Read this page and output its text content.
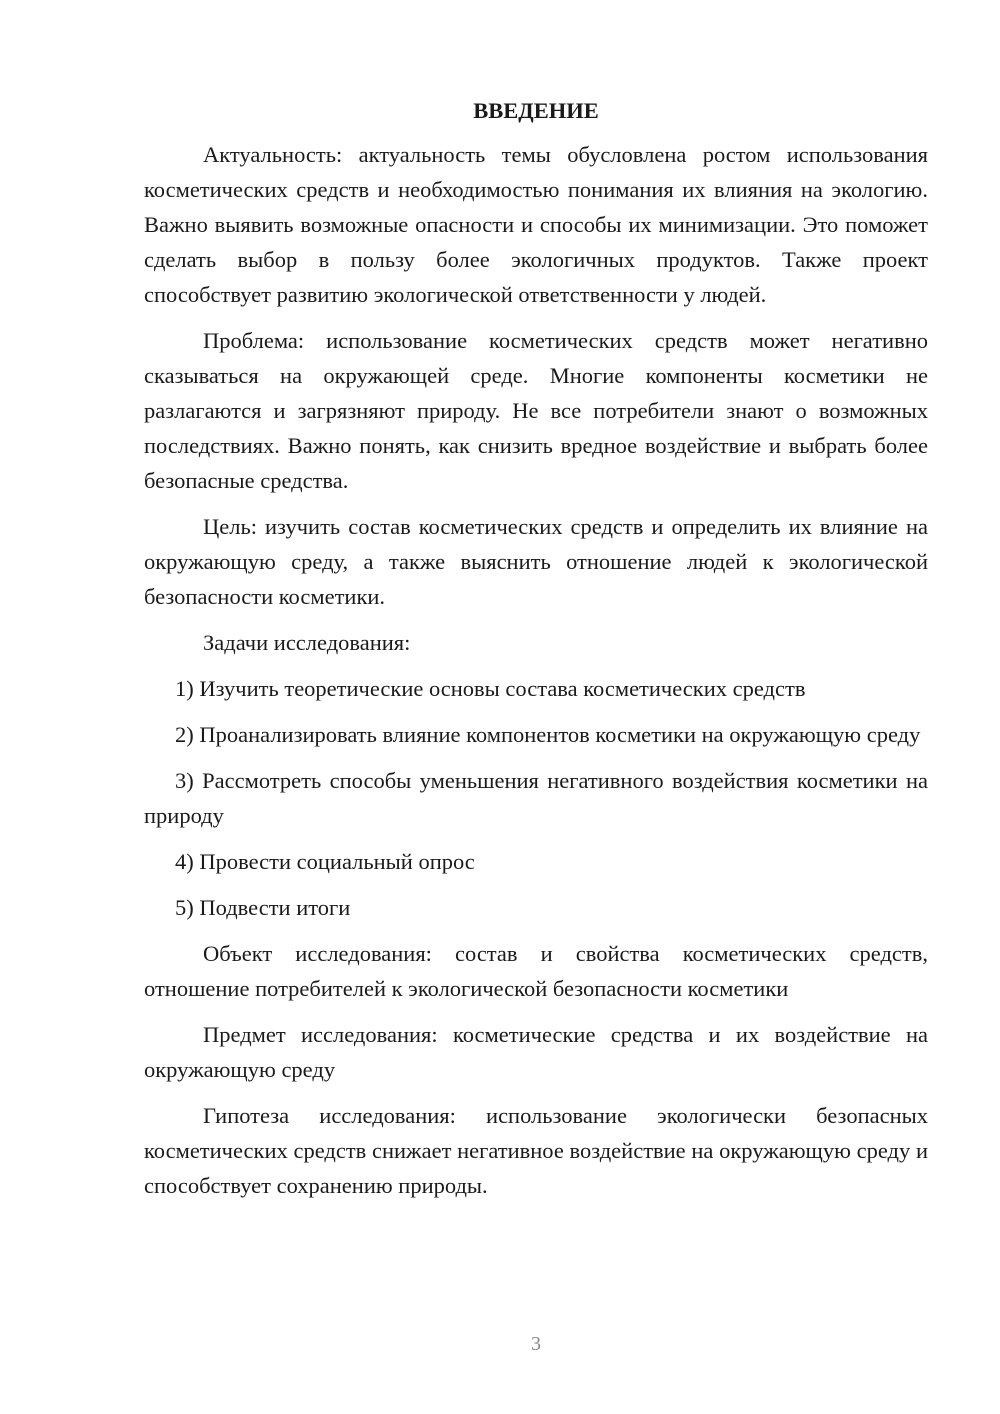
ВВЕДЕНИЕ

Актуальность: актуальность темы обусловлена ростом использования косметических средств и необходимостью понимания их влияния на экологию. Важно выявить возможные опасности и способы их минимизации. Это поможет сделать выбор в пользу более экологичных продуктов. Также проект способствует развитию экологической ответственности у людей.

Проблема: использование косметических средств может негативно сказываться на окружающей среде. Многие компоненты косметики не разлагаются и загрязняют природу. Не все потребители знают о возможных последствиях. Важно понять, как снизить вредное воздействие и выбрать более безопасные средства.

Цель: изучить состав косметических средств и определить их влияние на окружающую среду, а также выяснить отношение людей к экологической безопасности косметики.

Задачи исследования:

1) Изучить теоретические основы состава косметических средств

2) Проанализировать влияние компонентов косметики на окружающую среду

3) Рассмотреть способы уменьшения негативного воздействия косметики на природу

4) Провести социальный опрос

5) Подвести итоги

Объект исследования: состав и свойства косметических средств, отношение потребителей к экологической безопасности косметики

Предмет исследования: косметические средства и их воздействие на окружающую среду

Гипотеза исследования: использование экологически безопасных косметических средств снижает негативное воздействие на окружающую среду и способствует сохранению природы.

3
